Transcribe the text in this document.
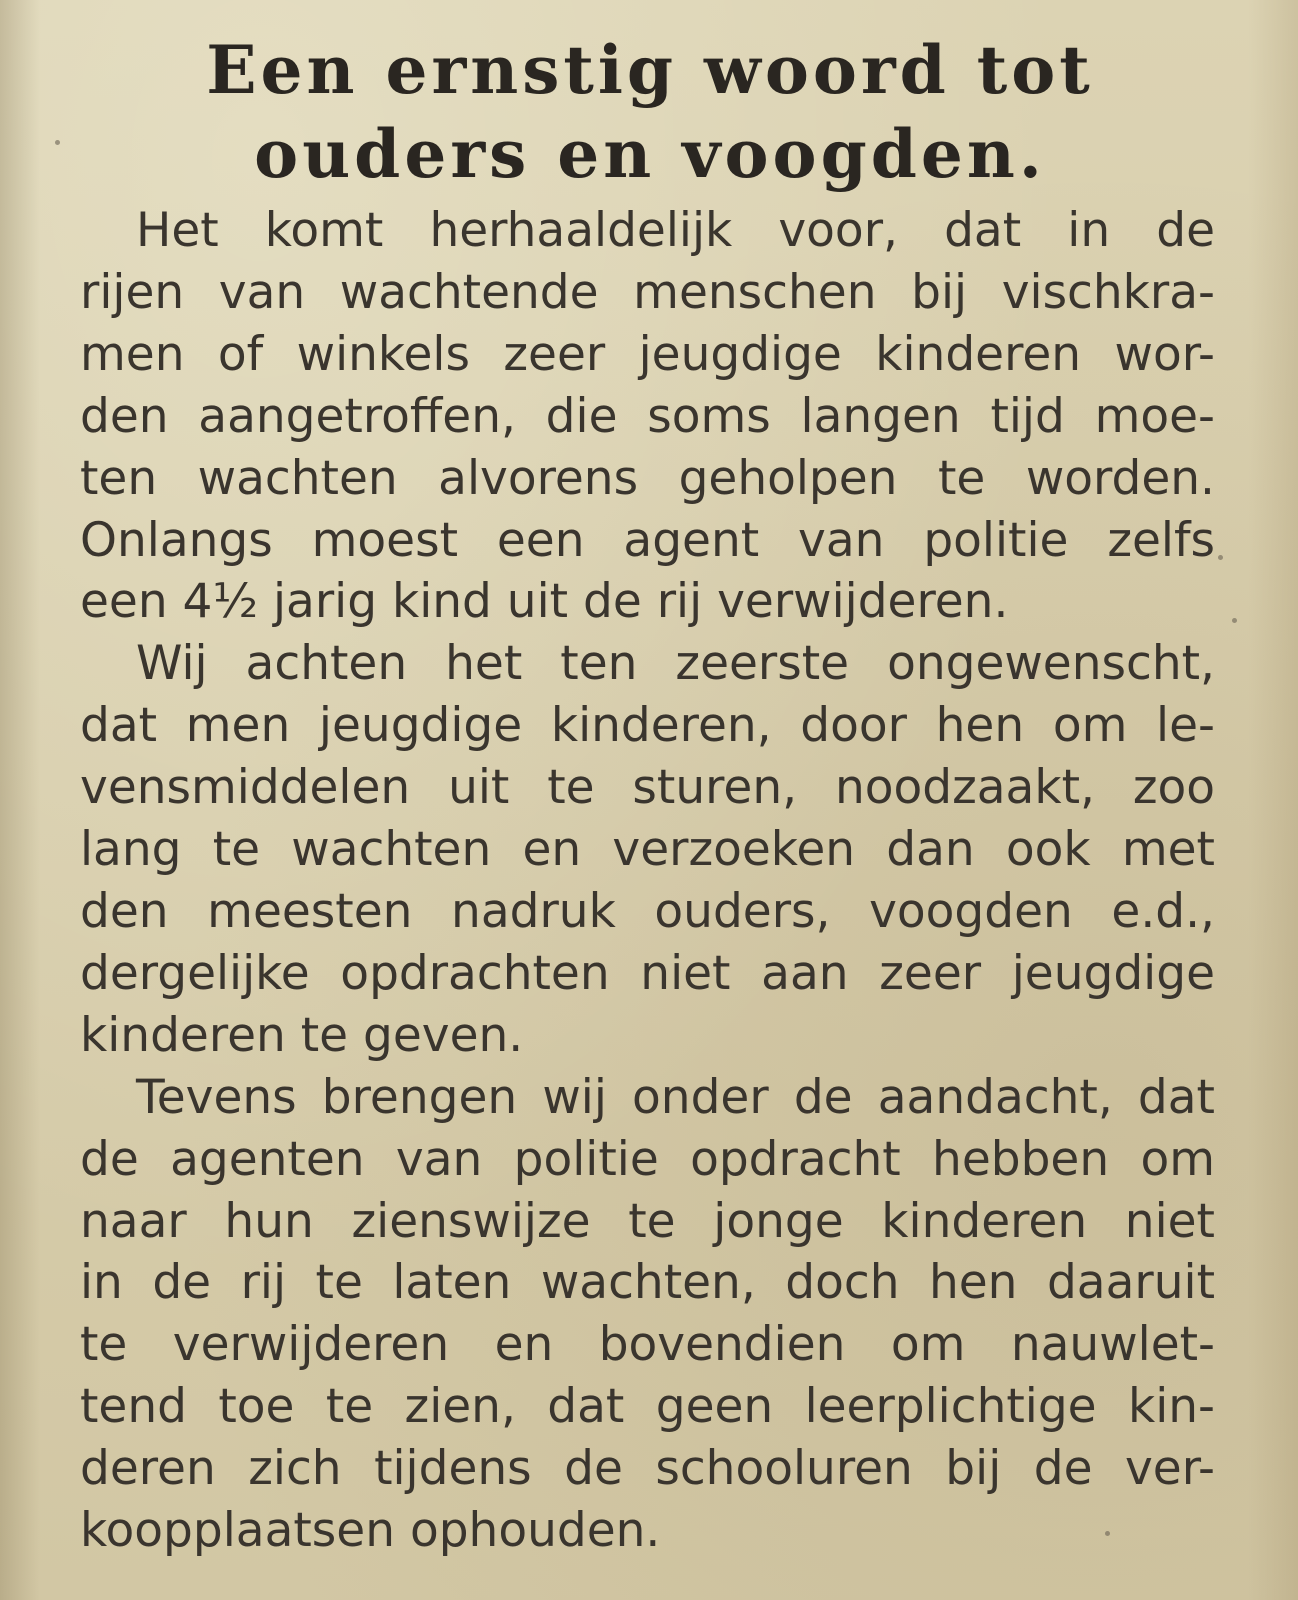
Een ernstig woord tot
ouders en voogden.

Het komt herhaaldelijk voor, dat in de
rijen van wachtende menschen bij vischkra-
men of winkels zeer jeugdige kinderen wor-
den aangetroffen, die soms langen tijd moe-
ten wachten alvorens geholpen te worden.
Onlangs moest een agent van politie zelfs
een 4½ jarig kind uit de rij verwijderen.

Wij achten het ten zeerste ongewenscht,
dat men jeugdige kinderen, door hen om le-
vensmiddelen uit te sturen, noodzaakt, zoo
lang te wachten en verzoeken dan ook met
den meesten nadruk ouders, voogden e.d.,
dergelijke opdrachten niet aan zeer jeugdige
kinderen te geven.

Tevens brengen wij onder de aandacht, dat
de agenten van politie opdracht hebben om
naar hun zienswijze te jonge kinderen niet
in de rij te laten wachten, doch hen daaruit
te verwijderen en bovendien om nauwlet-
tend toe te zien, dat geen leerplichtige kin-
deren zich tijdens de schooluren bij de ver-
koopplaatsen ophouden.
